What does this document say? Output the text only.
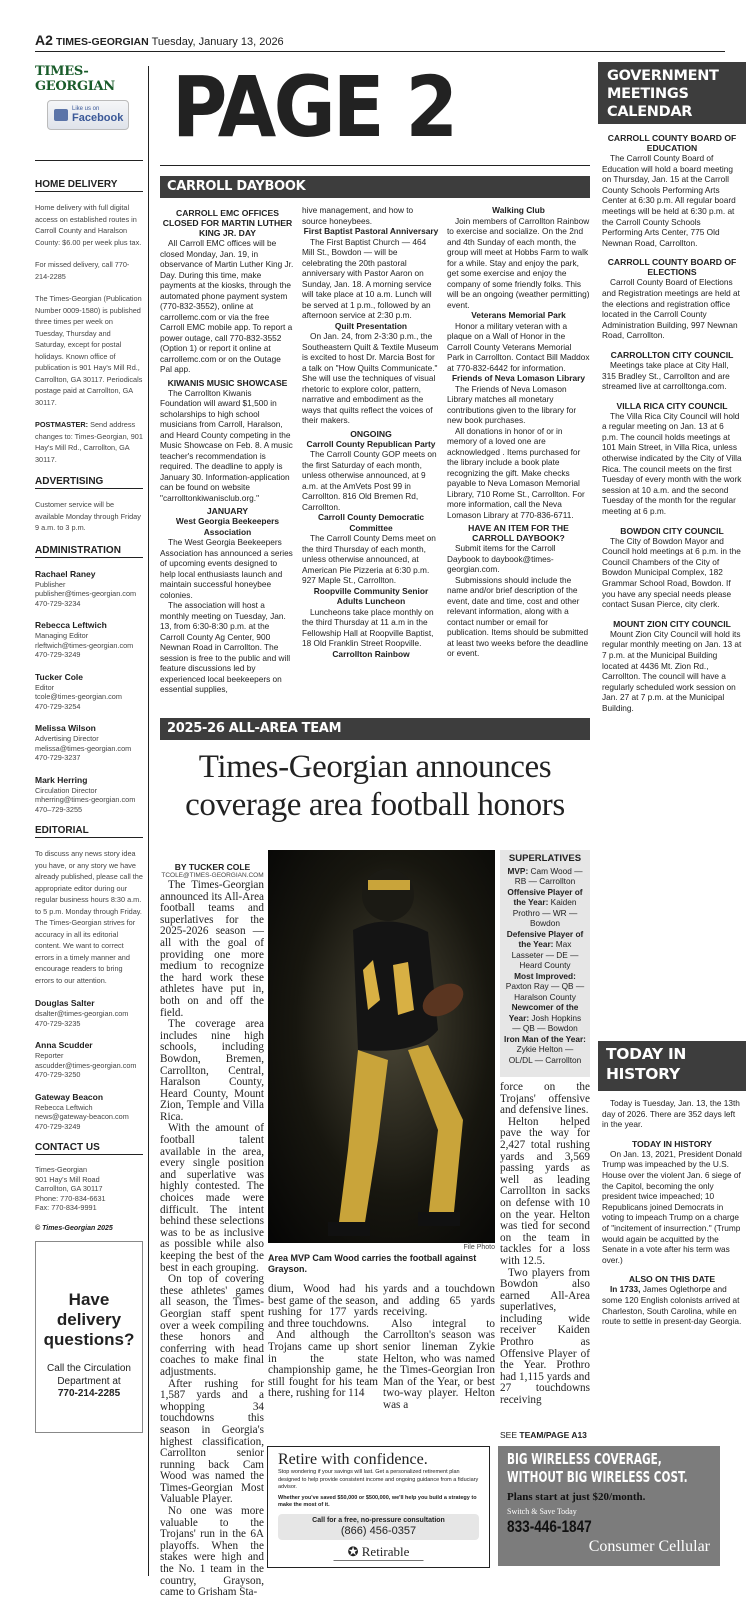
A2 TIMES-GEORGIAN Tuesday, January 13, 2026
TIMES-GEORGIAN
Like us on
Facebook
HOME DELIVERY

Home delivery with full digital access on established routes in Carroll County and Haralson County: $6.00 per week plus tax.

For missed delivery, call 770-214-2285

The Times-Georgian (Publication Number 0009-1580) is published three times per week on Tuesday, Thursday and Saturday, except for postal holidays. Known office of publication is 901 Hay's Mill Rd., Carrollton, GA 30117. Periodicals postage paid at Carrollton, GA 30117.

POSTMASTER: Send address changes to: Times-Georgian, 901 Hay's Mill Rd., Carrollton, GA 30117.

ADVERTISING

Customer service will be available Monday through Friday 9 a.m. to 3 p.m.

ADMINISTRATION
Rachael Raney
Publisher
publisher@times-georgian.com
470-729-3234
Rebecca Leftwich
Managing Editor
rleftwich@times-georgian.com
470-729-3249
Tucker Cole
Editor
tcole@times-georgian.com
470-729-3254
Melissa Wilson
Advertising Director
melissa@times-georgian.com
470-729-3237
Mark Herring
Circulation Director
mherring@times-georgian.com
470–729-3255
EDITORIAL

To discuss any news story idea you have, or any story we have already published, please call the appropriate editor during our regular business hours 8:30 a.m. to 5 p.m. Monday through Friday. The Times-Georgian strives for accuracy in all its editorial content. We want to correct errors in a timely manner and encourage readers to bring errors to our attention.

Douglas Salter
dsalter@times-georgian.com
470-729-3235
Anna Scudder
Reporter
ascudder@times-georgian.com
470-729-3250
Gateway Beacon
Rebecca Leftwich
news@gateway-beacon.com
470-729-3249
CONTACT US
Times-Georgian
901 Hay's Mill Road
Carrollton, GA 30117
Phone: 770-834-6631
Fax: 770-834-9991
© Times-Georgian 2025
Have delivery questions?
Call the Circulation Department at
770-214-2285
PAGE 2
CARROLL DAYBOOK
CARROLL EMC OFFICES CLOSED FOR MARTIN LUTHER KING JR. DAY
All Carroll EMC offices will be closed Monday, Jan. 19, in observance of Martin Luther King Jr. Day. During this time, make payments at the kiosks, through the automated phone payment system (770-832-3552), online at carrollemc.com or via the free Carroll EMC mobile app. To report a power outage, call 770-832-3552 (Option 1) or report it online at carrollemc.com or on the Outage Pal app.
KIWANIS MUSIC SHOWCASE
The Carrollton Kiwanis Foundation will award $1,500 in scholarships to high school musicians from Carroll, Haralson, and Heard County competing in the Music Showcase on Feb. 8. A music teacher's recommendation is required. The deadline to apply is January 30. Information-application can be found on website "carrolltonkiwanisclub.org."
JANUARY
West Georgia Beekeepers Association
The West Georgia Beekeepers Association has announced a series of upcoming events designed to help local enthusiasts launch and maintain successful honeybee colonies.
The association will host a monthly meeting on Tuesday, Jan. 13, from 6:30-8:30 p.m. at the Carroll County Ag Center, 900 Newnan Road in Carrollton. The session is free to the public and will feature discussions led by experienced local beekeepers on essential supplies,
hive management, and how to source honeybees.
First Baptist Pastoral Anniversary
The First Baptist Church — 464 Mill St., Bowdon — will be celebrating the 20th pastoral anniversary with Pastor Aaron on Sunday, Jan. 18. A morning service will take place at 10 a.m. Lunch will be served at 1 p.m., followed by an afternoon service at 2:30 p.m.
Quilt Presentation
On Jan. 24, from 2-3:30 p.m., the Southeastern Quilt & Textile Museum is excited to host Dr. Marcia Bost for a talk on "How Quilts Communicate." She will use the techniques of visual rhetoric to explore color, pattern, narrative and embodiment as the ways that quilts reflect the voices of their makers.
ONGOING
Carroll County Republican Party
The Carroll County GOP meets on the first Saturday of each month, unless otherwise announced, at 9 a.m. at the AmVets Post 99 in Carrollton. 816 Old Bremen Rd, Carrollton.
Carroll County Democratic Committee
The Carroll County Dems meet on the third Thursday of each month, unless otherwise announced, at American Pie Pizzeria at 6:30 p.m. 927 Maple St., Carrollton.
Roopville Community Senior Adults Luncheon
Luncheons take place monthly on the third Thursday at 11 a.m in the Fellowship Hall at Roopville Baptist, 18 Old Franklin Street Roopville.
Carrollton Rainbow
Walking Club
Join members of Carrollton Rainbow to exercise and socialize. On the 2nd and 4th Sunday of each month, the group will meet at Hobbs Farm to walk for a while. Stay and enjoy the park, get some exercise and enjoy the company of some friendly folks. This will be an ongoing (weather permitting) event.
Veterans Memorial Park
Honor a military veteran with a plaque on a Wall of Honor in the Carroll County Veterans Memorial Park in Carrollton. Contact Bill Maddox at 770-832-6442 for information.
Friends of Neva Lomason Library
The Friends of Neva Lomason Library matches all monetary contributions given to the library for new book purchases.
All donations in honor of or in memory of a loved one are acknowledged . Items purchased for the library include a book plate recognizing the gift. Make checks payable to Neva Lomason Memorial Library, 710 Rome St., Carrollton. For more information, call the Neva Lomason Library at 770-836-6711.
HAVE AN ITEM FOR THE CARROLL DAYBOOK?
Submit items for the Carroll Daybook to daybook@times-georgian.com.
Submissions should include the name and/or brief description of the event, date and time, cost and other relevant information, along with a contact number or email for publication. Items should be submitted at least two weeks before the deadline or event.
GOVERNMENT MEETINGS CALENDAR
CARROLL COUNTY BOARD OF EDUCATION
The Carroll County Board of Education will hold a board meeting on Thursday, Jan. 15 at the Carroll County Schools Performing Arts Center at 6:30 p.m. All regular board meetings will be held at 6:30 p.m. at the Carroll County Schools Performing Arts Center, 775 Old Newnan Road, Carrollton.
CARROLL COUNTY BOARD OF ELECTIONS
Carroll County Board of Elections and Registration meetings are held at the elections and registration office located in the Carroll County Administration Building, 997 Newnan Road, Carrollton.
CARROLLTON CITY COUNCIL
Meetings take place at City Hall, 315 Bradley St., Carrollton and are streamed live at carrolltonga.com.
VILLA RICA CITY COUNCIL
The Villa Rica City Council will hold a regular meeting on Jan. 13 at 6 p.m. The council holds meetings at 101 Main Street, in Villa Rica, unless otherwise indicated by the City of Villa Rica. The council meets on the first Tuesday of every month with the work session at 10 a.m. and the second Tuesday of the month for the regular meeting at 6 p.m.
BOWDON CITY COUNCIL
The City of Bowdon Mayor and Council hold meetings at 6 p.m. in the Council Chambers of the City of Bowdon Municipal Complex, 182 Grammar School Road, Bowdon. If you have any special needs please contact Susan Pierce, city clerk.
MOUNT ZION CITY COUNCIL
Mount Zion City Council will hold its regular monthly meeting on Jan. 13 at 7 p.m. at the Municipal Building located at 4436 Mt. Zion Rd., Carrollton. The council will have a regularly scheduled work session on Jan. 27 at 7 p.m. at the Municipal Building.
TODAY IN HISTORY
Today is Tuesday, Jan. 13, the 13th day of 2026. There are 352 days left in the year.
TODAY IN HISTORY
On Jan. 13, 2021, President Donald Trump was impeached by the U.S. House over the violent Jan. 6 siege of the Capitol, becoming the only president twice impeached; 10 Republicans joined Democrats in voting to impeach Trump on a charge of "incitement of insurrection." (Trump would again be acquitted by the Senate in a vote after his term was over.)
ALSO ON THIS DATE
In 1733, James Oglethorpe and some 120 English colonists arrived at Charleston, South Carolina, while en route to settle in present-day Georgia.
2025-26 ALL-AREA TEAM
Times-Georgian announces coverage area football honors
BY TUCKER COLE
TCOLE@TIMES-GEORGIAN.COM
The Times-Georgian announced its All-Area football teams and superlatives for the 2025-2026 season — all with the goal of providing one more medium to recognize the hard work these athletes have put in, both on and off the field.
The coverage area includes nine high schools, including Bowdon, Bremen, Carrollton, Central, Haralson County, Heard County, Mount Zion, Temple and Villa Rica.
With the amount of football talent available in the area, every single position and superlative was highly contested. The choices made were difficult. The intent behind these selections was to be as inclusive as possible while also keeping the best of the best in each grouping.
On top of covering these athletes' games all season, the Times-Georgian staff spent over a week compiling these honors and conferring with head coaches to make final adjustments.
After rushing for 1,587 yards and a whopping 34 touchdowns this season in Georgia's highest classification, Carrollton senior running back Cam Wood was named the Times-Georgian Most Valuable Player.
No one was more valuable to the Trojans' run in the 6A playoffs. When the stakes were high and the No. 1 team in the country, Grayson, came to Grisham Sta-
File Photo
Area MVP Cam Wood carries the football against Grayson.
dium, Wood had his best game of the season, rushing for 177 yards and three touchdowns.
And although the Trojans came up short in the state championship game, he still fought for his team there, rushing for 114
yards and a touchdown and adding 65 yards receiving.
Also integral to Carrollton's season was senior lineman Zykie Helton, who was named the Times-Georgian Iron Man of the Year, or best two-way player. Helton was a
SUPERLATIVES
MVP: Cam Wood — RB — Carrollton
Offensive Player of the Year: Kaiden Prothro — WR — Bowdon
Defensive Player of the Year: Max Lasseter — DE — Heard County
Most Improved: Paxton Ray — QB — Haralson County
Newcomer of the Year: Josh Hopkins — QB — Bowdon
Iron Man of the Year: Zykie Helton — OL/DL — Carrollton
force on the Trojans' offensive and defensive lines.
Helton helped pave the way for 2,427 total rushing yards and 3,569 passing yards as well as leading Carrollton in sacks on defense with 10 on the year. Helton was tied for second on the team in tackles for a loss with 12.5.
Two players from Bowdon also earned All-Area superlatives, including wide receiver Kaiden Prothro as Offensive Player of the Year. Prothro had 1,115 yards and 27 touchdowns receiving
SEE TEAM/PAGE A13
Retire with confidence.
Stop wondering if your savings will last. Get a personalized retirement plan designed to help provide consistent income and ongoing guidance from a fiduciary advisor.
Whether you've saved $50,000 or $500,000, we'll help you build a strategy to make the most of it.
Call for a free, no-pressure consultation
(866) 456-0357
✪ Retirable
▬▬▬▬▬▬▬▬▬▬▬▬▬▬▬▬▬▬▬▬▬▬▬▬▬▬▬▬▬▬
BIG WIRELESS COVERAGE,
WITHOUT BIG WIRELESS COST.
Plans start at just $20/month.
Switch & Save Today
833-446-1847
Consumer Cellular
